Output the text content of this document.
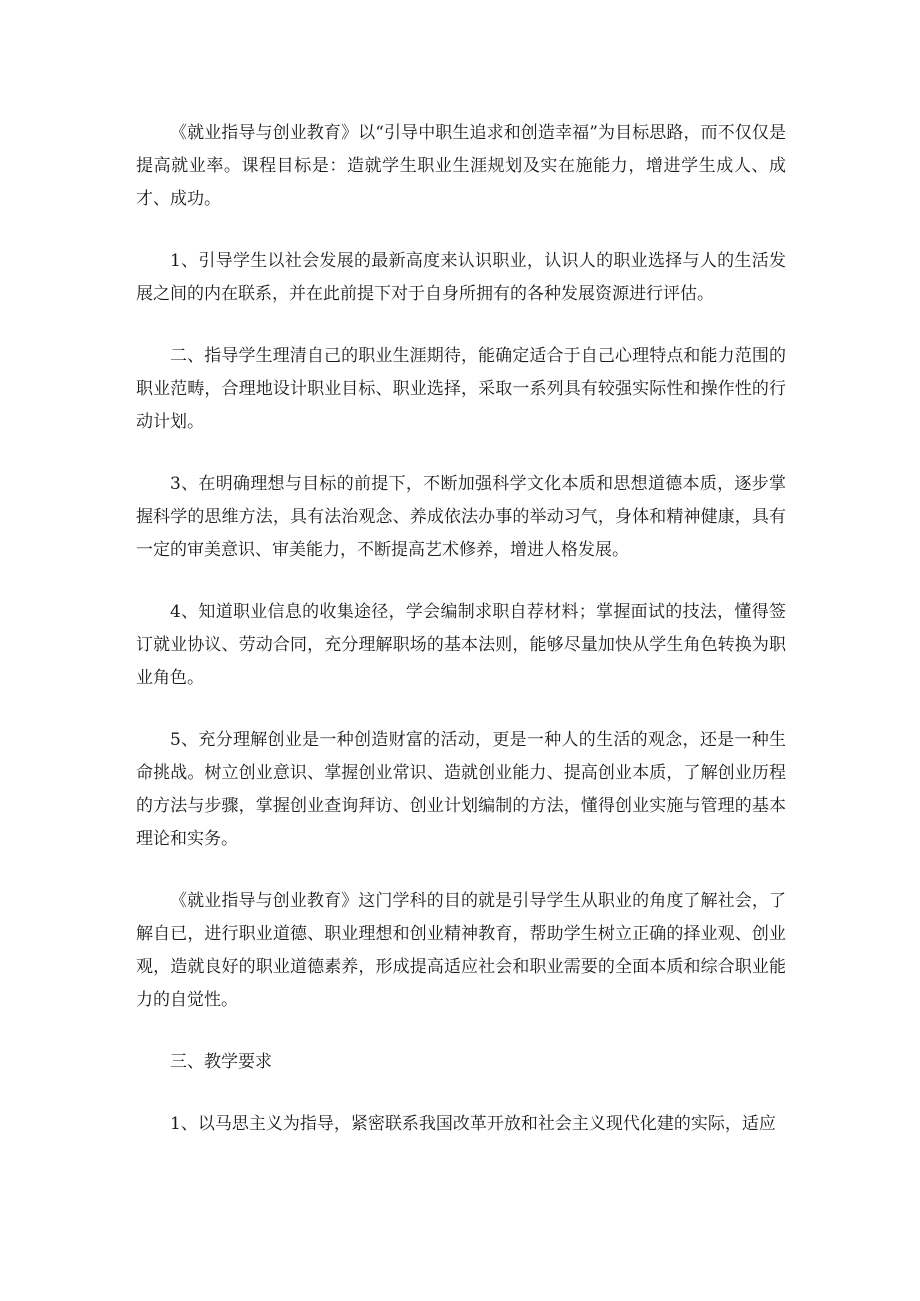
《就业指导与创业教育》以“引导中职生追求和创造幸福”为目标思路，而不仅仅是提高就业率。课程目标是：造就学生职业生涯规划及实在施能力，增进学生成人、成才、成功。

1、引导学生以社会发展的最新高度来认识职业，认识人的职业选择与人的生活发展之间的内在联系，并在此前提下对于自身所拥有的各种发展资源进行评估。

二、指导学生理清自己的职业生涯期待，能确定适合于自己心理特点和能力范围的职业范畴，合理地设计职业目标、职业选择，采取一系列具有较强实际性和操作性的行动计划。

3、在明确理想与目标的前提下，不断加强科学文化本质和思想道德本质，逐步掌握科学的思维方法，具有法治观念、养成依法办事的举动习气，身体和精神健康，具有一定的审美意识、审美能力，不断提高艺术修养，增进人格发展。

4、知道职业信息的收集途径，学会编制求职自荐材料；掌握面试的技法，懂得签订就业协议、劳动合同，充分理解职场的基本法则，能够尽量加快从学生角色转换为职业角色。

5、充分理解创业是一种创造财富的活动，更是一种人的生活的观念，还是一种生命挑战。树立创业意识、掌握创业常识、造就创业能力、提高创业本质，了解创业历程的方法与步骤，掌握创业查询拜访、创业计划编制的方法，懂得创业实施与管理的基本理论和实务。

《就业指导与创业教育》这门学科的目的就是引导学生从职业的角度了解社会，了解自已，进行职业道德、职业理想和创业精神教育，帮助学生树立正确的择业观、创业观，造就良好的职业道德素养，形成提高适应社会和职业需要的全面本质和综合职业能力的自觉性。

三、教学要求

1、以马思主义为指导，紧密联系我国改革开放和社会主义现代化建的实际，适应
